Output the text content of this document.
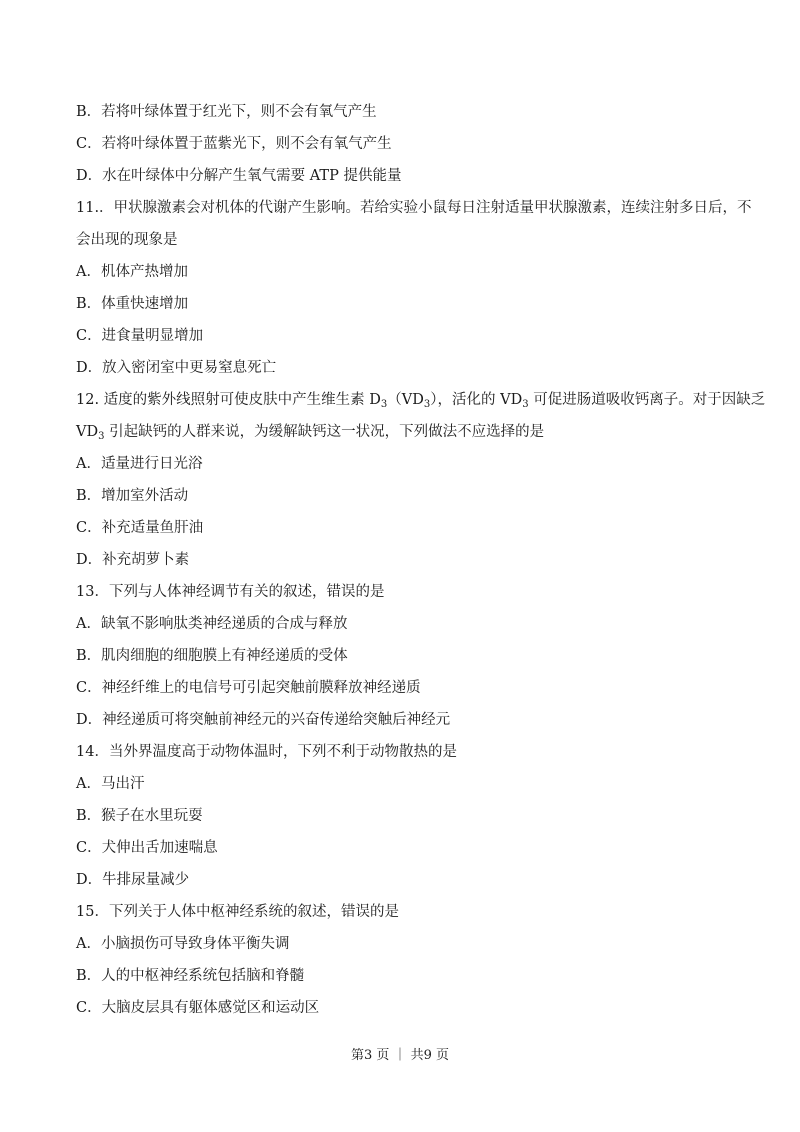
B．若将叶绿体置于红光下，则不会有氧气产生
C．若将叶绿体置于蓝紫光下，则不会有氧气产生
D．水在叶绿体中分解产生氧气需要 ATP 提供能量
11.．甲状腺激素会对机体的代谢产生影响。若给实验小鼠每日注射适量甲状腺激素，连续注射多日后，不
会出现的现象是
A．机体产热增加
B．体重快速增加
C．进食量明显增加
D．放入密闭室中更易窒息死亡
12. 适度的紫外线照射可使皮肤中产生维生素 $D_3(VD_3)$，活化的 $VD_3$ 可促进肠道吸收钙离子。对于因缺乏
$VD_3$ 引起缺钙的人群来说，为缓解缺钙这一状况，下列做法不应选择的是
A．适量进行日光浴
B．增加室外活动
C．补充适量鱼肝油
D．补充胡萝卜素
13．下列与人体神经调节有关的叙述，错误的是
A．缺氧不影响肽类神经递质的合成与释放
B．肌肉细胞的细胞膜上有神经递质的受体
C．神经纤维上的电信号可引起突触前膜释放神经递质
D．神经递质可将突触前神经元的兴奋传递给突触后神经元
14．当外界温度高于动物体温时，下列不利于动物散热的是
A．马出汗
B．猴子在水里玩耍
C．犬伸出舌加速喘息
D．牛排尿量减少
15．下列关于人体中枢神经系统的叙述，错误的是
A．小脑损伤可导致身体平衡失调
B．人的中枢神经系统包括脑和脊髓
C．大脑皮层具有躯体感觉区和运动区
第3 页 ｜ 共9 页
